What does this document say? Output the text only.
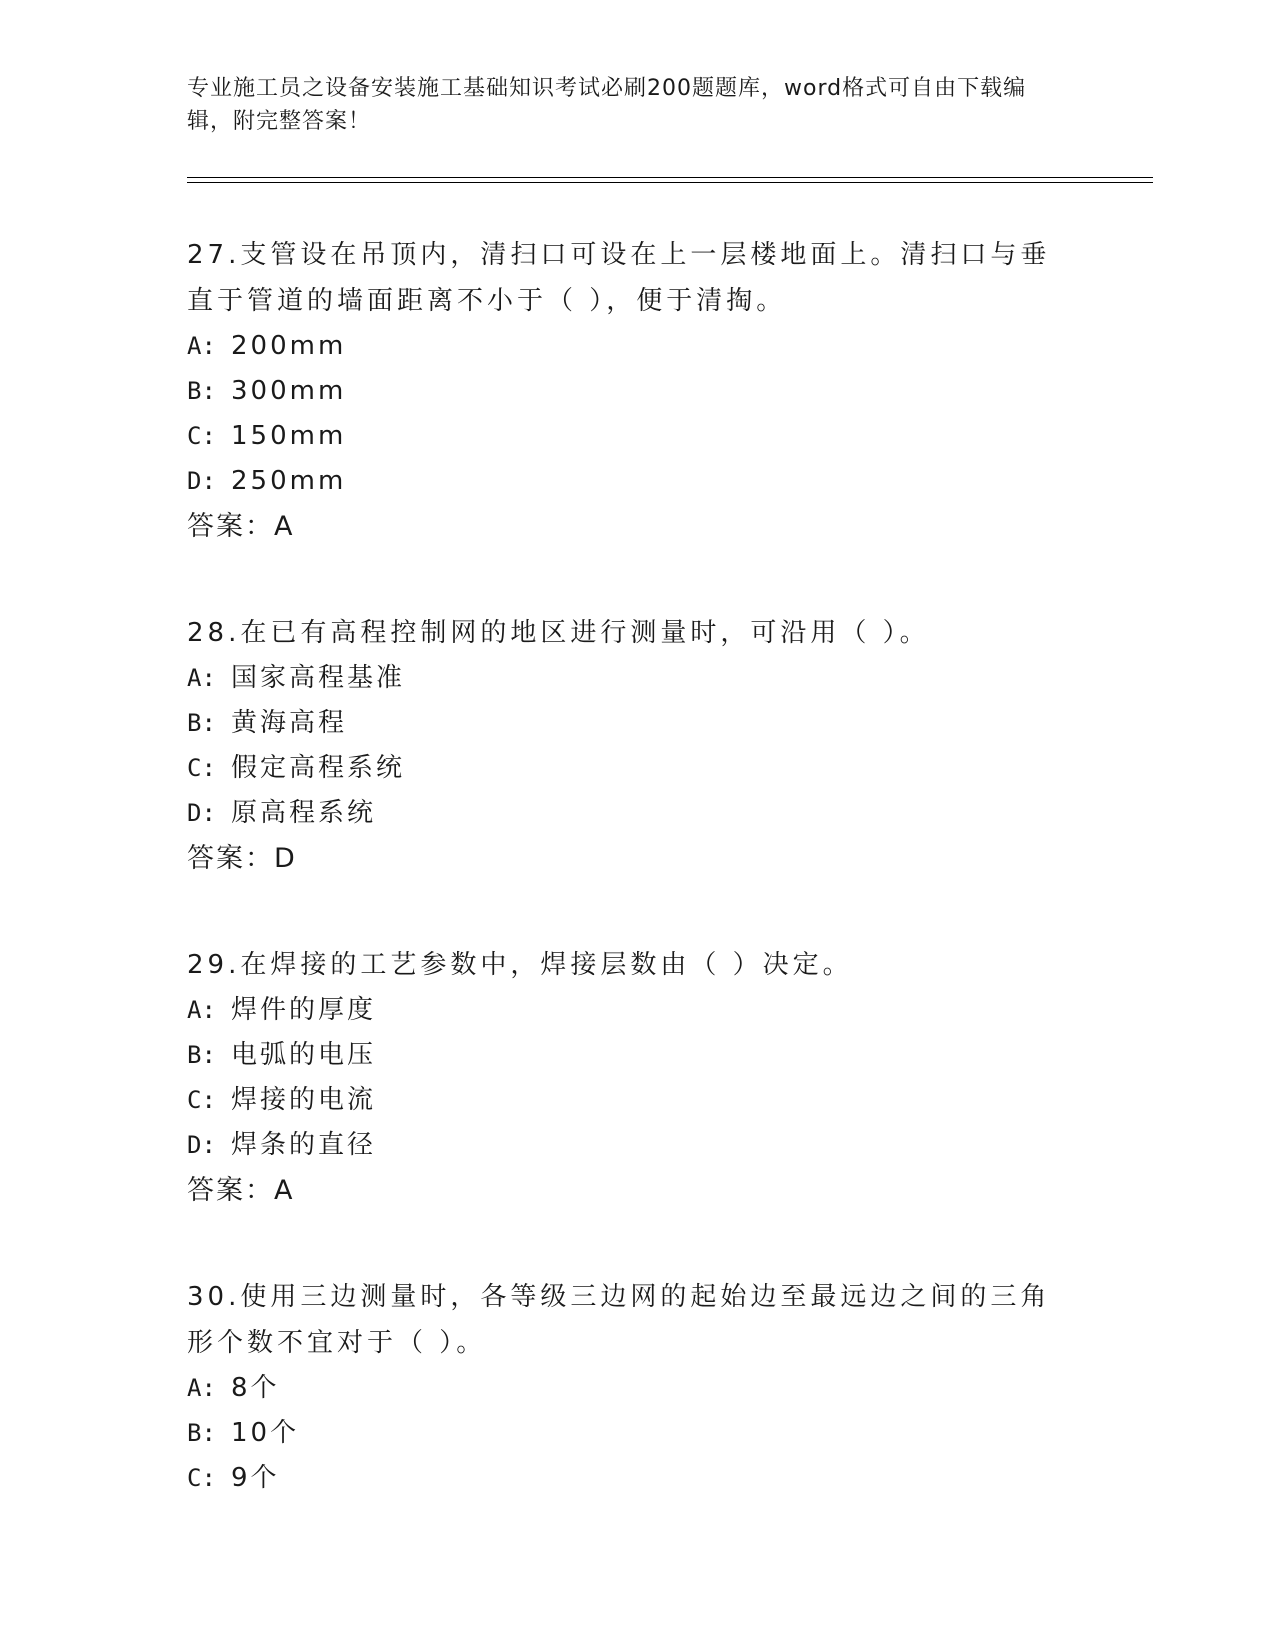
专业施工员之设备安装施工基础知识考试必刷200题题库，word格式可自由下载编辑，附完整答案！

27.支管设在吊顶内，清扫口可设在上一层楼地面上。清扫口与垂直于管道的墙面距离不小于（ ），便于清掏。

A: 200mm

B: 300mm

C: 150mm

D: 250mm

答案：A

28.在已有高程控制网的地区进行测量时，可沿用（ ）。

A: 国家高程基准

B: 黄海高程

C: 假定高程系统

D: 原高程系统

答案：D

29.在焊接的工艺参数中，焊接层数由（ ）决定。

A: 焊件的厚度

B: 电弧的电压

C: 焊接的电流

D: 焊条的直径

答案：A

30.使用三边测量时，各等级三边网的起始边至最远边之间的三角形个数不宜对于（ ）。

A: 8个

B: 10个

C: 9个
